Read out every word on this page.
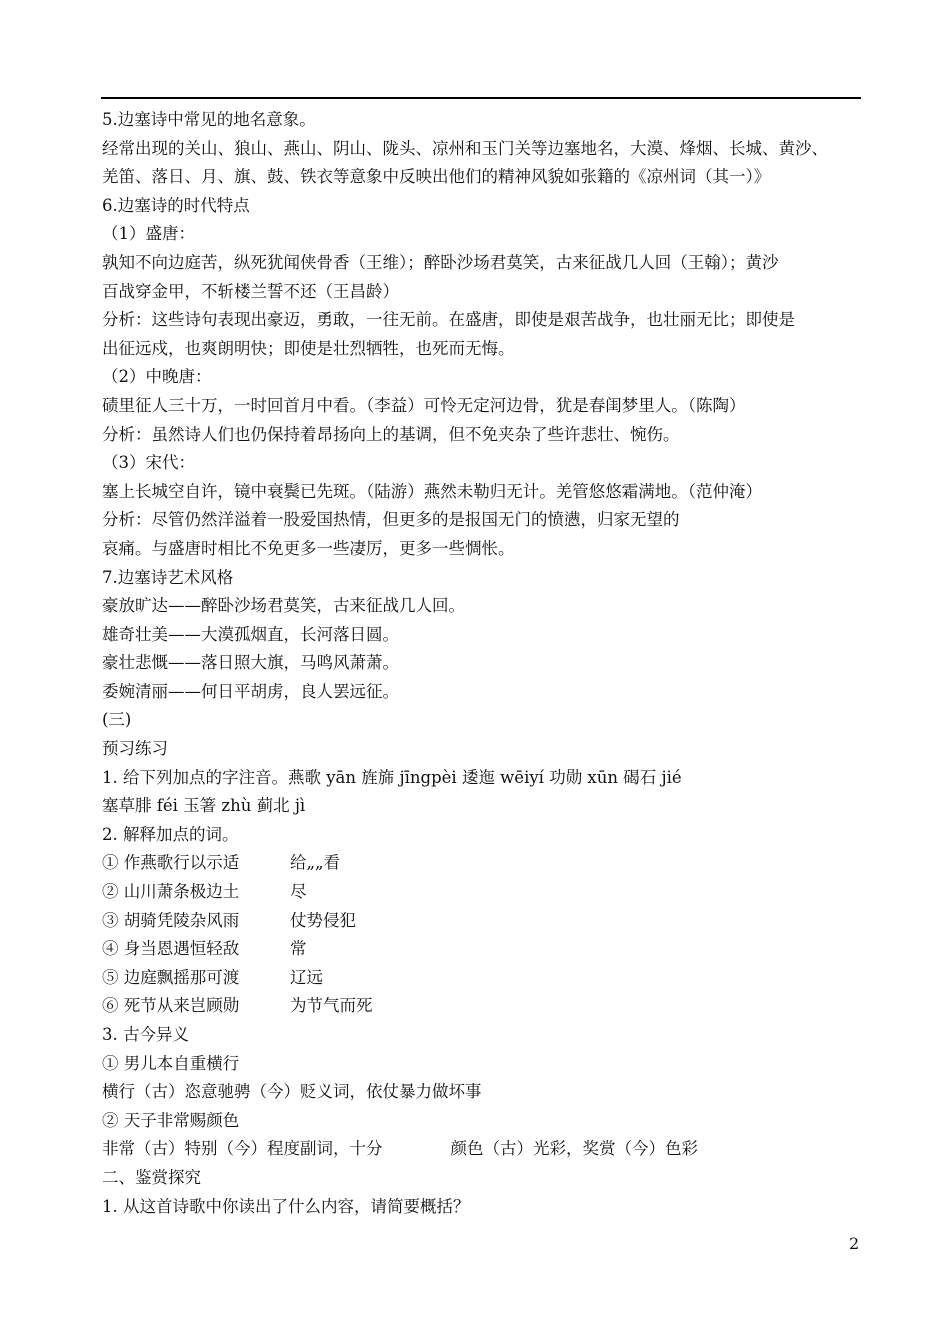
5.边塞诗中常见的地名意象。
经常出现的关山、狼山、燕山、阴山、陇头、凉州和玉门关等边塞地名，大漠、烽烟、长城、黄沙、
羌笛、落日、月、旗、鼓、铁衣等意象中反映出他们的精神风貌如张籍的《凉州词（其一）》
6.边塞诗的时代特点
（1）盛唐：
孰知不向边庭苦，纵死犹闻侠骨香（王维）；醉卧沙场君莫笑，古来征战几人回（王翰）；黄沙
百战穿金甲，不斩楼兰誓不还（王昌龄）
分析：这些诗句表现出豪迈，勇敢，一往无前。在盛唐，即使是艰苦战争，也壮丽无比；即使是
出征远戍，也爽朗明快；即使是壮烈牺牲，也死而无悔。
（2）中晚唐：
碛里征人三十万，一时回首月中看。（李益）可怜无定河边骨，犹是春闺梦里人。（陈陶）
分析：虽然诗人们也仍保持着昂扬向上的基调，但不免夹杂了些许悲壮、惋伤。
（3）宋代：
塞上长城空自许，镜中衰鬓已先斑。（陆游）燕然未勒归无计。羌管悠悠霜满地。（范仲淹）
分析：尽管仍然洋溢着一股爱国热情，但更多的是报国无门的愤懑，归家无望的
哀痛。与盛唐时相比不免更多一些凄厉，更多一些惆怅。
7.边塞诗艺术风格
豪放旷达——醉卧沙场君莫笑，古来征战几人回。
雄奇壮美——大漠孤烟直，长河落日圆。
豪壮悲慨——落日照大旗，马鸣风萧萧。
委婉清丽——何日平胡虏，良人罢远征。
(三)
预习练习
1. 给下列加点的字注音。燕歌 yān 旌旆 jīngpèi 逶迤 wēiyí 功勋 xūn 碣石 jié
塞草腓 féi 玉箸 zhù 蓟北 jì
2. 解释加点的词。
① 作燕歌行以示适	给„„看
② 山川萧条极边土	尽
③ 胡骑凭陵杂风雨	仗势侵犯
④ 身当恩遇恒轻敌	常
⑤ 边庭飘摇那可渡	辽远
⑥ 死节从来岂顾勋	为节气而死
3. 古今异义
① 男儿本自重横行
横行（古）恣意驰骋（今）贬义词，依仗暴力做坏事
② 天子非常赐颜色
非常（古）特别（今）程度副词，十分	颜色（古）光彩，奖赏（今）色彩
二、鉴赏探究
1. 从这首诗歌中你读出了什么内容，请简要概括？
2
